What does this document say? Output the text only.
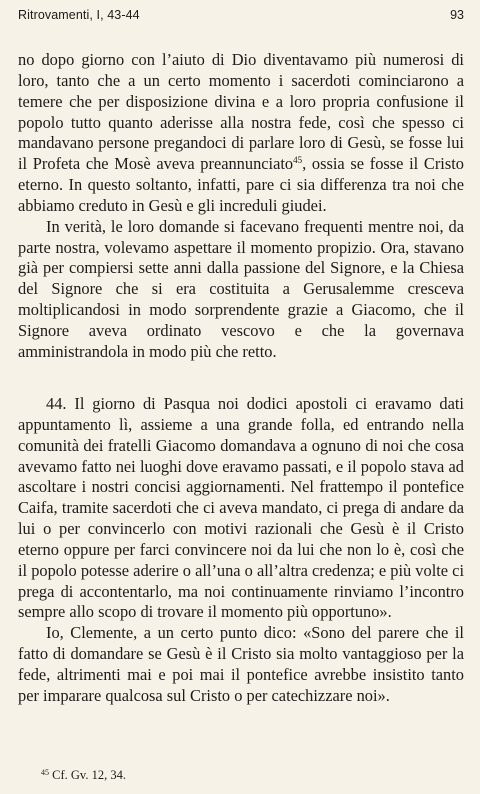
Ritrovamenti, I, 43-44	93

no dopo giorno con l’aiuto di Dio diventavamo più numerosi di loro, tanto che a un certo momento i sacerdoti cominciarono a temere che per disposizione divina e a loro propria confusione il popolo tutto quanto aderisse alla nostra fede, così che spesso ci mandavano persone pregandoci di parlare loro di Gesù, se fosse lui il Profeta che Mosè aveva preannunciato$^{45}$, ossia se fosse il Cristo eterno. In questo soltanto, infatti, pare ci sia differenza tra noi che abbiamo creduto in Gesù e gli increduli giudei.

In verità, le loro domande si facevano frequenti mentre noi, da parte nostra, volevamo aspettare il momento propizio. Ora, stavano già per compiersi sette anni dalla passione del Signore, e la Chiesa del Signore che si era costituita a Gerusalemme cresceva moltiplicandosi in modo sorprendente grazie a Giacomo, che il Signore aveva ordinato vescovo e che la governava amministrandola in modo più che retto.

44. Il giorno di Pasqua noi dodici apostoli ci eravamo dati appuntamento lì, assieme a una grande folla, ed entrando nella comunità dei fratelli Giacomo domandava a ognuno di noi che cosa avevamo fatto nei luoghi dove eravamo passati, e il popolo stava ad ascoltare i nostri concisi aggiornamenti. Nel frattempo il pontefice Caifa, tramite sacerdoti che ci aveva mandato, ci prega di andare da lui o per convincerlo con motivi razionali che Gesù è il Cristo eterno oppure per farci convincere noi da lui che non lo è, così che il popolo potesse aderire o all’una o all’altra credenza; e più volte ci prega di accontentarlo, ma noi continuamente rinviamo l’incontro sempre allo scopo di trovare il momento più opportuno».

Io, Clemente, a un certo punto dico: «Sono del parere che il fatto di domandare se Gesù è il Cristo sia molto vantaggioso per la fede, altrimenti mai e poi mai il pontefice avrebbe insistito tanto per imparare qualcosa sul Cristo o per catechizzare noi».

$^{45}$ Cf. Gv. 12, 34.
